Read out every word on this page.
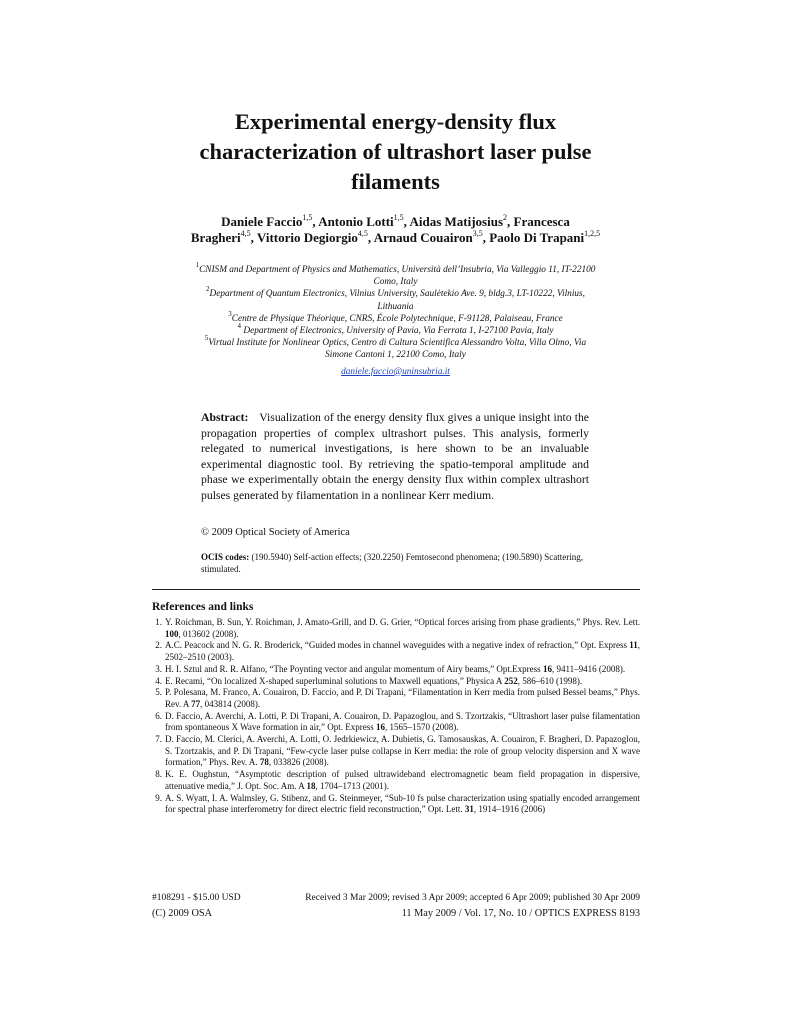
Experimental energy-density flux
characterization of ultrashort laser pulse
filaments
Daniele Faccio$^{1,5}$, Antonio Lotti$^{1,5}$, Aidas Matijosius$^2$, Francesca Bragheri$^{4,5}$, Vittorio Degiorgio$^{4,5}$, Arnaud Couairon$^{3,5}$, Paolo Di Trapani$^{1,2,5}$
$^1$CNISM and Department of Physics and Mathematics, Università dell’Insubria, Via Valleggio 11, IT-22100 Como, Italy
$^2$Department of Quantum Electronics, Vilnius University, Saulėtekio Ave. 9, bldg.3, LT-10222, Vilnius, Lithuania
$^3$Centre de Physique Théorique, CNRS, École Polytechnique, F-91128, Palaiseau, France
$^4$ Department of Electronics, University of Pavia, Via Ferrata 1, I-27100 Pavia, Italy
$^5$Virtual Institute for Nonlinear Optics, Centro di Cultura Scientifica Alessandro Volta, Villa Olmo, Via Simone Cantoni 1, 22100 Como, Italy
daniele.faccio@uninsubria.it

Abstract: Visualization of the energy density flux gives a unique insight into the propagation properties of complex ultrashort pulses. This analysis, formerly relegated to numerical investigations, is here shown to be an invaluable experimental diagnostic tool. By retrieving the spatio-temporal amplitude and phase we experimentally obtain the energy density flux within complex ultrashort pulses generated by filamentation in a nonlinear Kerr medium.

© 2009 Optical Society of America
OCIS codes: (190.5940) Self-action effects; (320.2250) Femtosecond phenomena; (190.5890) Scattering, stimulated.
References and links
1. Y. Roichman, B. Sun, Y. Roichman, J. Amato-Grill, and D. G. Grier, “Optical forces arising from phase gradients,” Phys. Rev. Lett. 100, 013602 (2008).
2. A.C. Peacock and N. G. R. Broderick, “Guided modes in channel waveguides with a negative index of refraction,” Opt. Express 11, 2502–2510 (2003).
3. H. I. Sztul and R. R. Alfano, “The Poynting vector and angular momentum of Airy beams,” Opt.Express 16, 9411–9416 (2008).
4. E. Recami, “On localized X-shaped superluminal solutions to Maxwell equations,” Physica A 252, 586–610 (1998).
5. P. Polesana, M. Franco, A. Couairon, D. Faccio, and P. Di Trapani, “Filamentation in Kerr media from pulsed Bessel beams,” Phys. Rev. A 77, 043814 (2008).
6. D. Faccio, A. Averchi, A. Lotti, P. Di Trapani, A. Couairon, D. Papazoglou, and S. Tzortzakis, “Ultrashort laser pulse filamentation from spontaneous X Wave formation in air,” Opt. Express 16, 1565–1570 (2008).
7. D. Faccio, M. Clerici, A. Averchi, A. Lotti, O. Jedrkiewicz, A. Dubietis, G. Tamosauskas, A. Couairon, F. Bragheri, D. Papazoglou, S. Tzortzakis, and P. Di Trapani, “Few-cycle laser pulse collapse in Kerr media: the role of group velocity dispersion and X wave formation,” Phys. Rev. A. 78, 033826 (2008).
8. K. E. Oughstun, “Asymptotic description of pulsed ultrawideband electromagnetic beam field propagation in dispersive, attenuative media,” J. Opt. Soc. Am. A 18, 1704–1713 (2001).
9. A. S. Wyatt, I. A. Walmsley, G. Stibenz, and G. Steinmeyer, “Sub-10 fs pulse characterization using spatially encoded arrangement for spectral phase interferometry for direct electric field reconstruction,” Opt. Lett. 31, 1914–1916 (2006)
#108291 - $15.00 USD	Received 3 Mar 2009; revised 3 Apr 2009; accepted 6 Apr 2009; published 30 Apr 2009
(C) 2009 OSA	11 May 2009 / Vol. 17, No. 10 / OPTICS EXPRESS 8193
